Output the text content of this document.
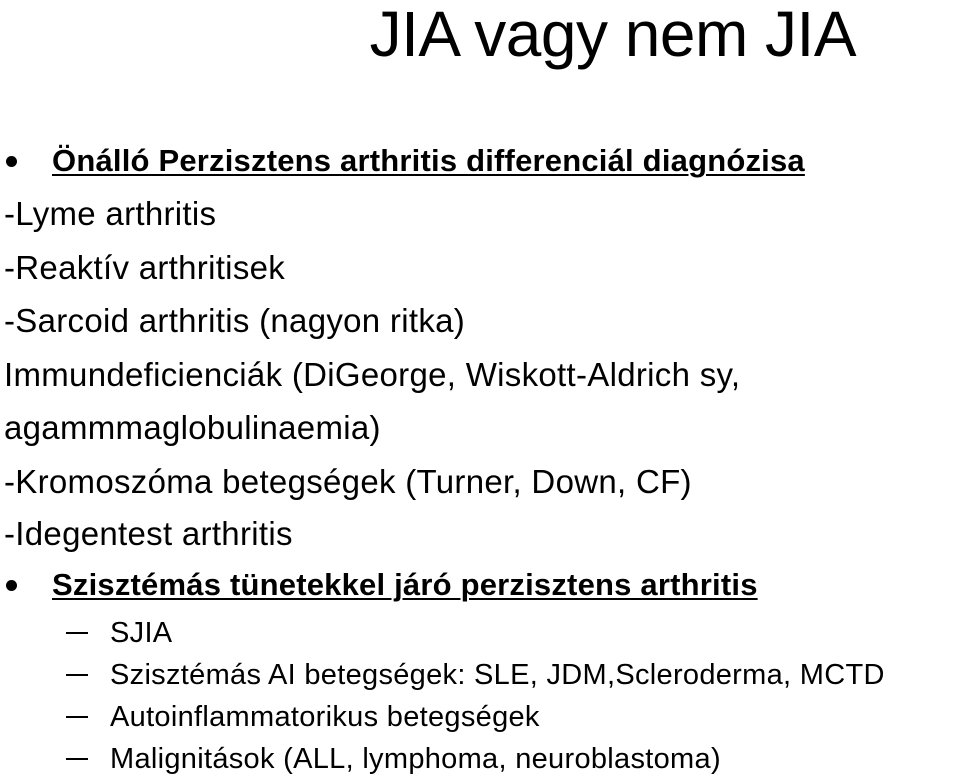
JIA vagy nem JIA
Önálló Perzisztens arthritis differenciál diagnózisa
-Lyme arthritis
-Reaktív arthritisek
-Sarcoid arthritis (nagyon ritka)
Immundeficienciák (DiGeorge, Wiskott-Aldrich sy,
agammmaglobulinaemia)
-Kromoszóma betegségek (Turner, Down, CF)
-Idegentest arthritis
Szisztémás tünetekkel járó perzisztens arthritis
SJIA
Szisztémás AI betegségek: SLE, JDM,Scleroderma, MCTD
Autoinflammatorikus betegségek
Malignitások (ALL, lymphoma, neuroblastoma)
